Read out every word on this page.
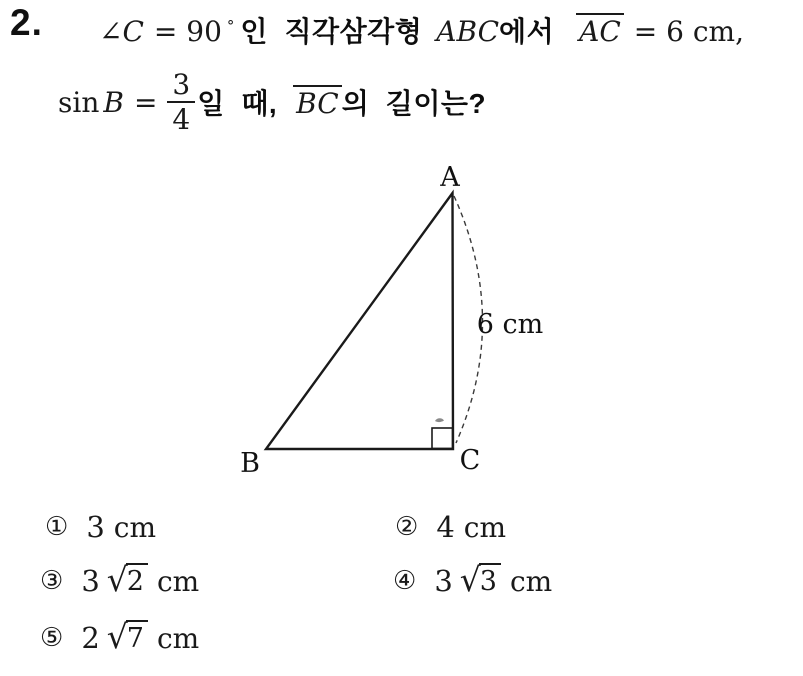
2. ∠ C = 90 ° 인  직각삼각형 ABC 에서 AC = 6 cm,
$\sin B = \frac{3}{4}$ 일  때, BC 의  길이는?
A
B	C
6 cm
① 3 cm	② 4 cm
③ 3 √ 2 cm	④ 3 √ 3 cm
⑤ 2 √ 7 cm
